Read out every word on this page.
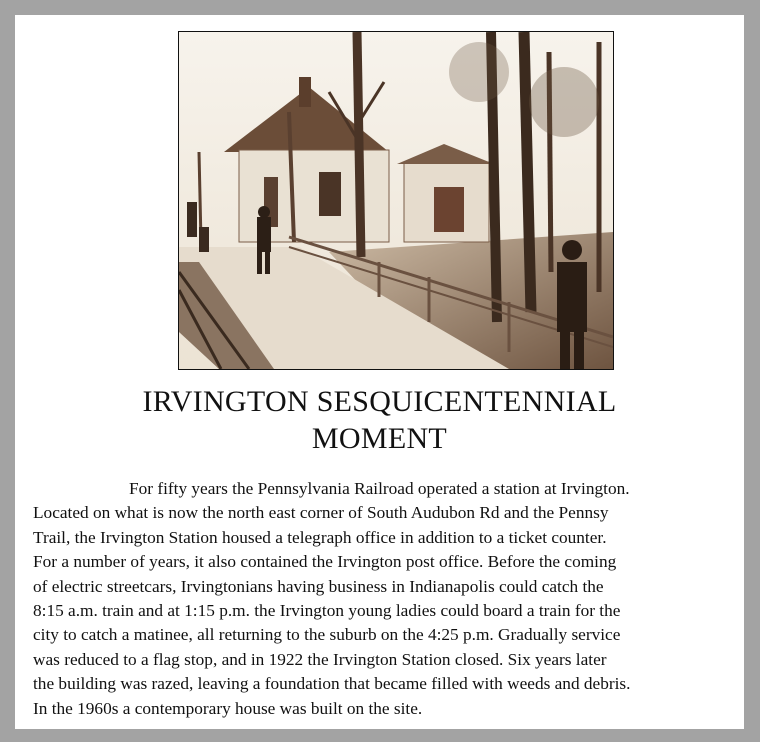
IRVINGTON SESQUICENTENNIAL
MOMENT
For fifty years the Pennsylvania Railroad operated a station at Irvington.
Located on what is now the north east corner of South Audubon Rd and the Pennsy
Trail, the Irvington Station housed a telegraph office in addition to a ticket counter.
For a number of years, it also contained the Irvington post office. Before the coming
of electric streetcars, Irvingtonians having business in Indianapolis could catch the
8:15 a.m. train and at 1:15 p.m. the Irvington young ladies could board a train for the
city to catch a matinee, all returning to the suburb on the 4:25 p.m. Gradually service
was reduced to a flag stop, and in 1922 the Irvington Station closed. Six years later
the building was razed, leaving a foundation that became filled with weeds and debris.
In the 1960s a contemporary house was built on the site.
